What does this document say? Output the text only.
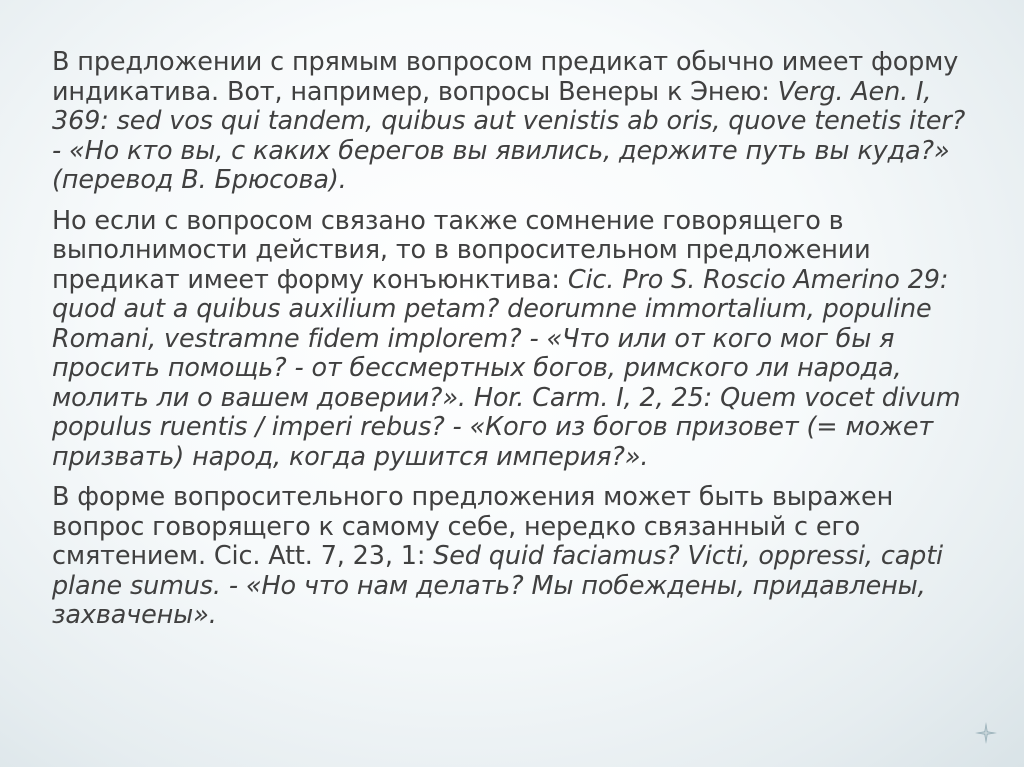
В предложении с прямым вопросом предикат обычно имеет форму индикатива. Вот, например, вопросы Венеры к Энею: Verg. Aen. I, 369: sed vos qui tandem, quibus aut venistis ab oris, quove tenetis iter? - «Но кто вы, с каких берегов вы явились, держите путь вы куда?» (перевод В. Брюсова).

Но если с вопросом связано также сомнение говорящего в выполнимости действия, то в вопросительном предложении предикат имеет форму конъюнктива: Cic. Pro S. Roscio Amerino 29: quod aut a quibus auxilium petam? deorumne immortalium, populine Romani, vestramne fidem implorem? - «Что или от кого мог бы я просить помощь? - от бессмертных богов, римского ли народа, молить ли о вашем доверии?». Hor. Carm. I, 2, 25: Quem vocet divum populus ruentis / imperi rebus? - «Кого из богов призовет (= может призвать) народ, когда рушится империя?».

В форме вопросительного предложения может быть выражен вопрос говорящего к самому себе, нередко связанный с его смятением. Cic. Att. 7, 23, 1: Sed quid faciamus? Victi, oppressi, capti plane sumus. - «Но что нам делать? Мы побеждены, придавлены, захвачены».
